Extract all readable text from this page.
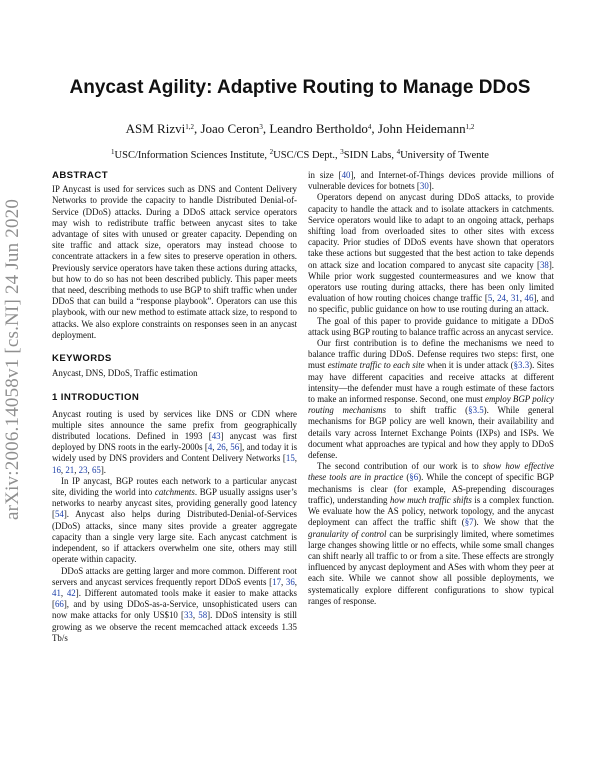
arXiv:2006.14058v1 [cs.NI] 24 Jun 2020
Anycast Agility: Adaptive Routing to Manage DDoS
ASM Rizvi$^{1,2}$, Joao Ceron$^3$, Leandro Bertholdo$^4$, John Heidemann$^{1,2}$
$^1$USC/Information Sciences Institute, $^2$USC/CS Dept., $^3$SIDN Labs, $^4$University of Twente
ABSTRACT

IP Anycast is used for services such as DNS and Content Delivery Networks to provide the capacity to handle Distributed Denial-of-Service (DDoS) attacks. During a DDoS attack service operators may wish to redistribute traffic between anycast sites to take advantage of sites with unused or greater capacity. Depending on site traffic and attack size, operators may instead choose to concentrate attackers in a few sites to preserve operation in others. Previously service operators have taken these actions during attacks, but how to do so has not been described publicly. This paper meets that need, describing methods to use BGP to shift traffic when under DDoS that can build a “response playbook”. Operators can use this playbook, with our new method to estimate attack size, to respond to attacks. We also explore constraints on responses seen in an anycast deployment.

KEYWORDS

Anycast, DNS, DDoS, Traffic estimation

1 INTRODUCTION

Anycast routing is used by services like DNS or CDN where multiple sites announce the same prefix from geographically distributed locations. Defined in 1993 [43] anycast was first deployed by DNS roots in the early-2000s [4, 26, 56], and today it is widely used by DNS providers and Content Delivery Networks [15, 16, 21, 23, 65].

In IP anycast, BGP routes each network to a particular anycast site, dividing the world into catchments. BGP usually assigns user’s networks to nearby anycast sites, providing generally good latency [54]. Anycast also helps during Distributed-Denial-of-Services (DDoS) attacks, since many sites provide a greater aggregate capacity than a single very large site. Each anycast catchment is independent, so if attackers overwhelm one site, others may still operate within capacity.

DDoS attacks are getting larger and more common. Different root servers and anycast services frequently report DDoS events [17, 36, 41, 42]. Different automated tools make it easier to make attacks [66], and by using DDoS-as-a-Service, unsophisticated users can now make attacks for only US$10 [33, 58]. DDoS intensity is still growing as we observe the recent memcached attack exceeds 1.35 Tb/s

in size [40], and Internet-of-Things devices provide millions of vulnerable devices for botnets [30].

Operators depend on anycast during DDoS attacks, to provide capacity to handle the attack and to isolate attackers in catchments. Service operators would like to adapt to an ongoing attack, perhaps shifting load from overloaded sites to other sites with excess capacity. Prior studies of DDoS events have shown that operators take these actions but suggested that the best action to take depends on attack size and location compared to anycast site capacity [38]. While prior work suggested countermeasures and we know that operators use routing during attacks, there has been only limited evaluation of how routing choices change traffic [5, 24, 31, 46], and no specific, public guidance on how to use routing during an attack.

The goal of this paper to provide guidance to mitigate a DDoS attack using BGP routing to balance traffic across an anycast service.

Our first contribution is to define the mechanisms we need to balance traffic during DDoS. Defense requires two steps: first, one must estimate traffic to each site when it is under attack (§3.3). Sites may have different capacities and receive attacks at different intensity—the defender must have a rough estimate of these factors to make an informed response. Second, one must employ BGP policy routing mechanisms to shift traffic (§3.5). While general mechanisms for BGP policy are well known, their availability and details vary across Internet Exchange Points (IXPs) and ISPs. We document what approaches are typical and how they apply to DDoS defense.

The second contribution of our work is to show how effective these tools are in practice (§6). While the concept of specific BGP mechanisms is clear (for example, AS-prepending discourages traffic), understanding how much traffic shifts is a complex function. We evaluate how the AS policy, network topology, and the anycast deployment can affect the traffic shift (§7). We show that the granularity of control can be surprisingly limited, where sometimes large changes showing little or no effects, while some small changes can shift nearly all traffic to or from a site. These effects are strongly influenced by anycast deployment and ASes with whom they peer at each site. While we cannot show all possible deployments, we systematically explore different configurations to show typical ranges of response.
